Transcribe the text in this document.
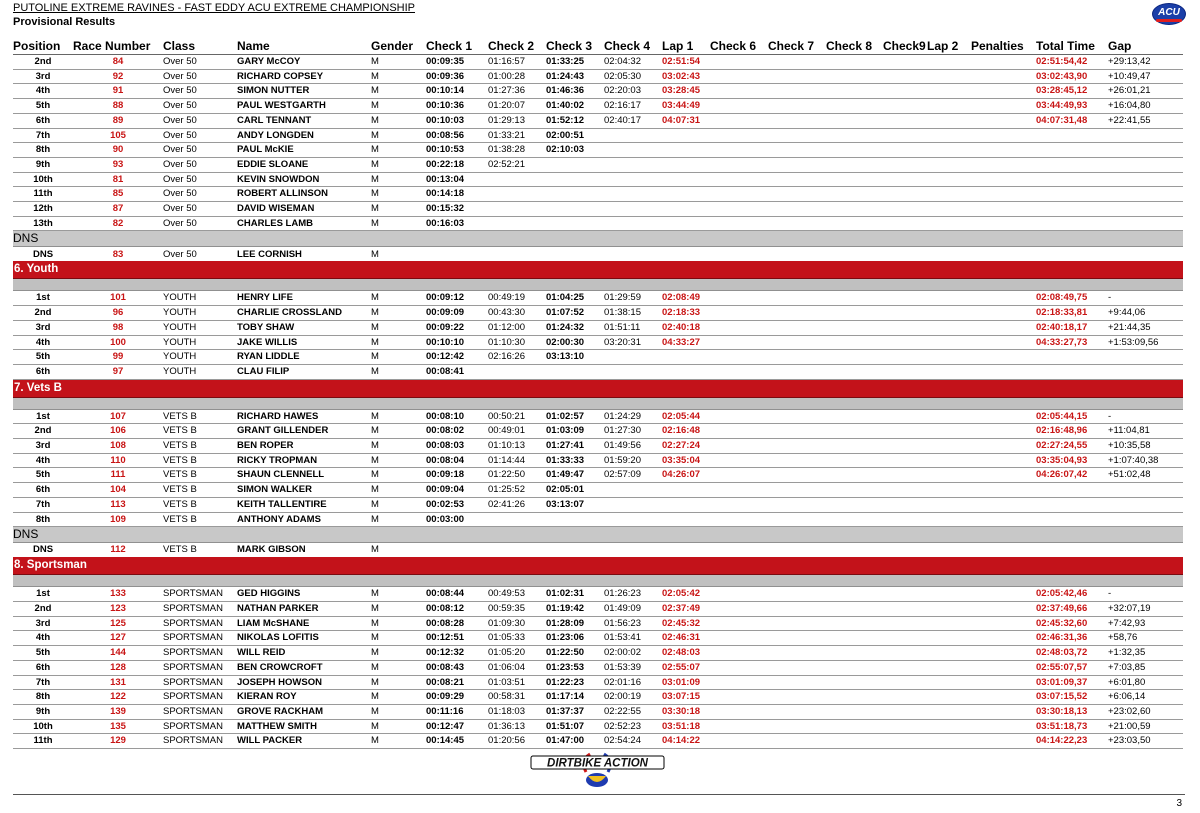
PUTOLINE EXTREME RAVINES - FAST EDDY ACU EXTREME CHAMPIONSHIP
Provisional Results
ACU
Position	Race Number	Class	Name	Gender	Check 1	Check 2	Check 3	Check 4	Lap 1	Check 6	Check 7	Check 8	Check9	Lap 2	Penalties	Total Time	Gap
2nd	84	Over 50	GARY McCOY	M	00:09:35	01:16:57	01:33:25	02:04:32	02:51:54							02:51:54,42	+29:13,42
3rd	92	Over 50	RICHARD COPSEY	M	00:09:36	01:00:28	01:24:43	02:05:30	03:02:43							03:02:43,90	+10:49,47
4th	91	Over 50	SIMON NUTTER	M	00:10:14	01:27:36	01:46:36	02:20:03	03:28:45							03:28:45,12	+26:01,21
5th	88	Over 50	PAUL WESTGARTH	M	00:10:36	01:20:07	01:40:02	02:16:17	03:44:49							03:44:49,93	+16:04,80
6th	89	Over 50	CARL TENNANT	M	00:10:03	01:29:13	01:52:12	02:40:17	04:07:31							04:07:31,48	+22:41,55
7th	105	Over 50	ANDY LONGDEN	M	00:08:56	01:33:21	02:00:51										
8th	90	Over 50	PAUL McKIE	M	00:10:53	01:38:28	02:10:03										
9th	93	Over 50	EDDIE SLOANE	M	00:22:18	02:52:21											
10th	81	Over 50	KEVIN SNOWDON	M	00:13:04												
11th	85	Over 50	ROBERT ALLINSON	M	00:14:18												
12th	87	Over 50	DAVID WISEMAN	M	00:15:32												
13th	82	Over 50	CHARLES LAMB	M	00:16:03												
DNS																	
DNS	83	Over 50	LEE CORNISH	M													
6. Youth																	

1st	101	YOUTH	HENRY LIFE	M	00:09:12	00:49:19	01:04:25	01:29:59	02:08:49							02:08:49,75	-
2nd	96	YOUTH	CHARLIE CROSSLAND	M	00:09:09	00:43:30	01:07:52	01:38:15	02:18:33							02:18:33,81	+9:44,06
3rd	98	YOUTH	TOBY SHAW	M	00:09:22	01:12:00	01:24:32	01:51:11	02:40:18							02:40:18,17	+21:44,35
4th	100	YOUTH	JAKE WILLIS	M	00:10:10	01:10:30	02:00:30	03:20:31	04:33:27							04:33:27,73	+1:53:09,56
5th	99	YOUTH	RYAN LIDDLE	M	00:12:42	02:16:26	03:13:10										
6th	97	YOUTH	CLAU FILIP	M	00:08:41												
7. Vets B																	

1st	107	VETS B	RICHARD HAWES	M	00:08:10	00:50:21	01:02:57	01:24:29	02:05:44							02:05:44,15	-
2nd	106	VETS B	GRANT GILLENDER	M	00:08:02	00:49:01	01:03:09	01:27:30	02:16:48							02:16:48,96	+11:04,81
3rd	108	VETS B	BEN ROPER	M	00:08:03	01:10:13	01:27:41	01:49:56	02:27:24							02:27:24,55	+10:35,58
4th	110	VETS B	RICKY TROPMAN	M	00:08:04	01:14:44	01:33:33	01:59:20	03:35:04							03:35:04,93	+1:07:40,38
5th	111	VETS B	SHAUN CLENNELL	M	00:09:18	01:22:50	01:49:47	02:57:09	04:26:07							04:26:07,42	+51:02,48
6th	104	VETS B	SIMON WALKER	M	00:09:04	01:25:52	02:05:01										
7th	113	VETS B	KEITH TALLENTIRE	M	00:02:53	02:41:26	03:13:07										
8th	109	VETS B	ANTHONY ADAMS	M	00:03:00												
DNS																	
DNS	112	VETS B	MARK GIBSON	M													
8. Sportsman																	

1st	133	SPORTSMAN	GED HIGGINS	M	00:08:44	00:49:53	01:02:31	01:26:23	02:05:42							02:05:42,46	-
2nd	123	SPORTSMAN	NATHAN PARKER	M	00:08:12	00:59:35	01:19:42	01:49:09	02:37:49							02:37:49,66	+32:07,19
3rd	125	SPORTSMAN	LIAM McSHANE	M	00:08:28	01:09:30	01:28:09	01:56:23	02:45:32							02:45:32,60	+7:42,93
4th	127	SPORTSMAN	NIKOLAS LOFITIS	M	00:12:51	01:05:33	01:23:06	01:53:41	02:46:31							02:46:31,36	+58,76
5th	144	SPORTSMAN	WILL REID	M	00:12:32	01:05:20	01:22:50	02:00:02	02:48:03							02:48:03,72	+1:32,35
6th	128	SPORTSMAN	BEN CROWCROFT	M	00:08:43	01:06:04	01:23:53	01:53:39	02:55:07							02:55:07,57	+7:03,85
7th	131	SPORTSMAN	JOSEPH HOWSON	M	00:08:21	01:03:51	01:22:23	02:01:16	03:01:09							03:01:09,37	+6:01,80
8th	122	SPORTSMAN	KIERAN ROY	M	00:09:29	00:58:31	01:17:14	02:00:19	03:07:15							03:07:15,52	+6:06,14
9th	139	SPORTSMAN	GROVE RACKHAM	M	00:11:16	01:18:03	01:37:37	02:22:55	03:30:18							03:30:18,13	+23:02,60
10th	135	SPORTSMAN	MATTHEW SMITH	M	00:12:47	01:36:13	01:51:07	02:52:23	03:51:18							03:51:18,73	+21:00,59
11th	129	SPORTSMAN	WILL PACKER	M	00:14:45	01:20:56	01:47:00	02:54:24	04:14:22							04:14:22,23	+23:03,50
DIRTBIKE ACTION
3
